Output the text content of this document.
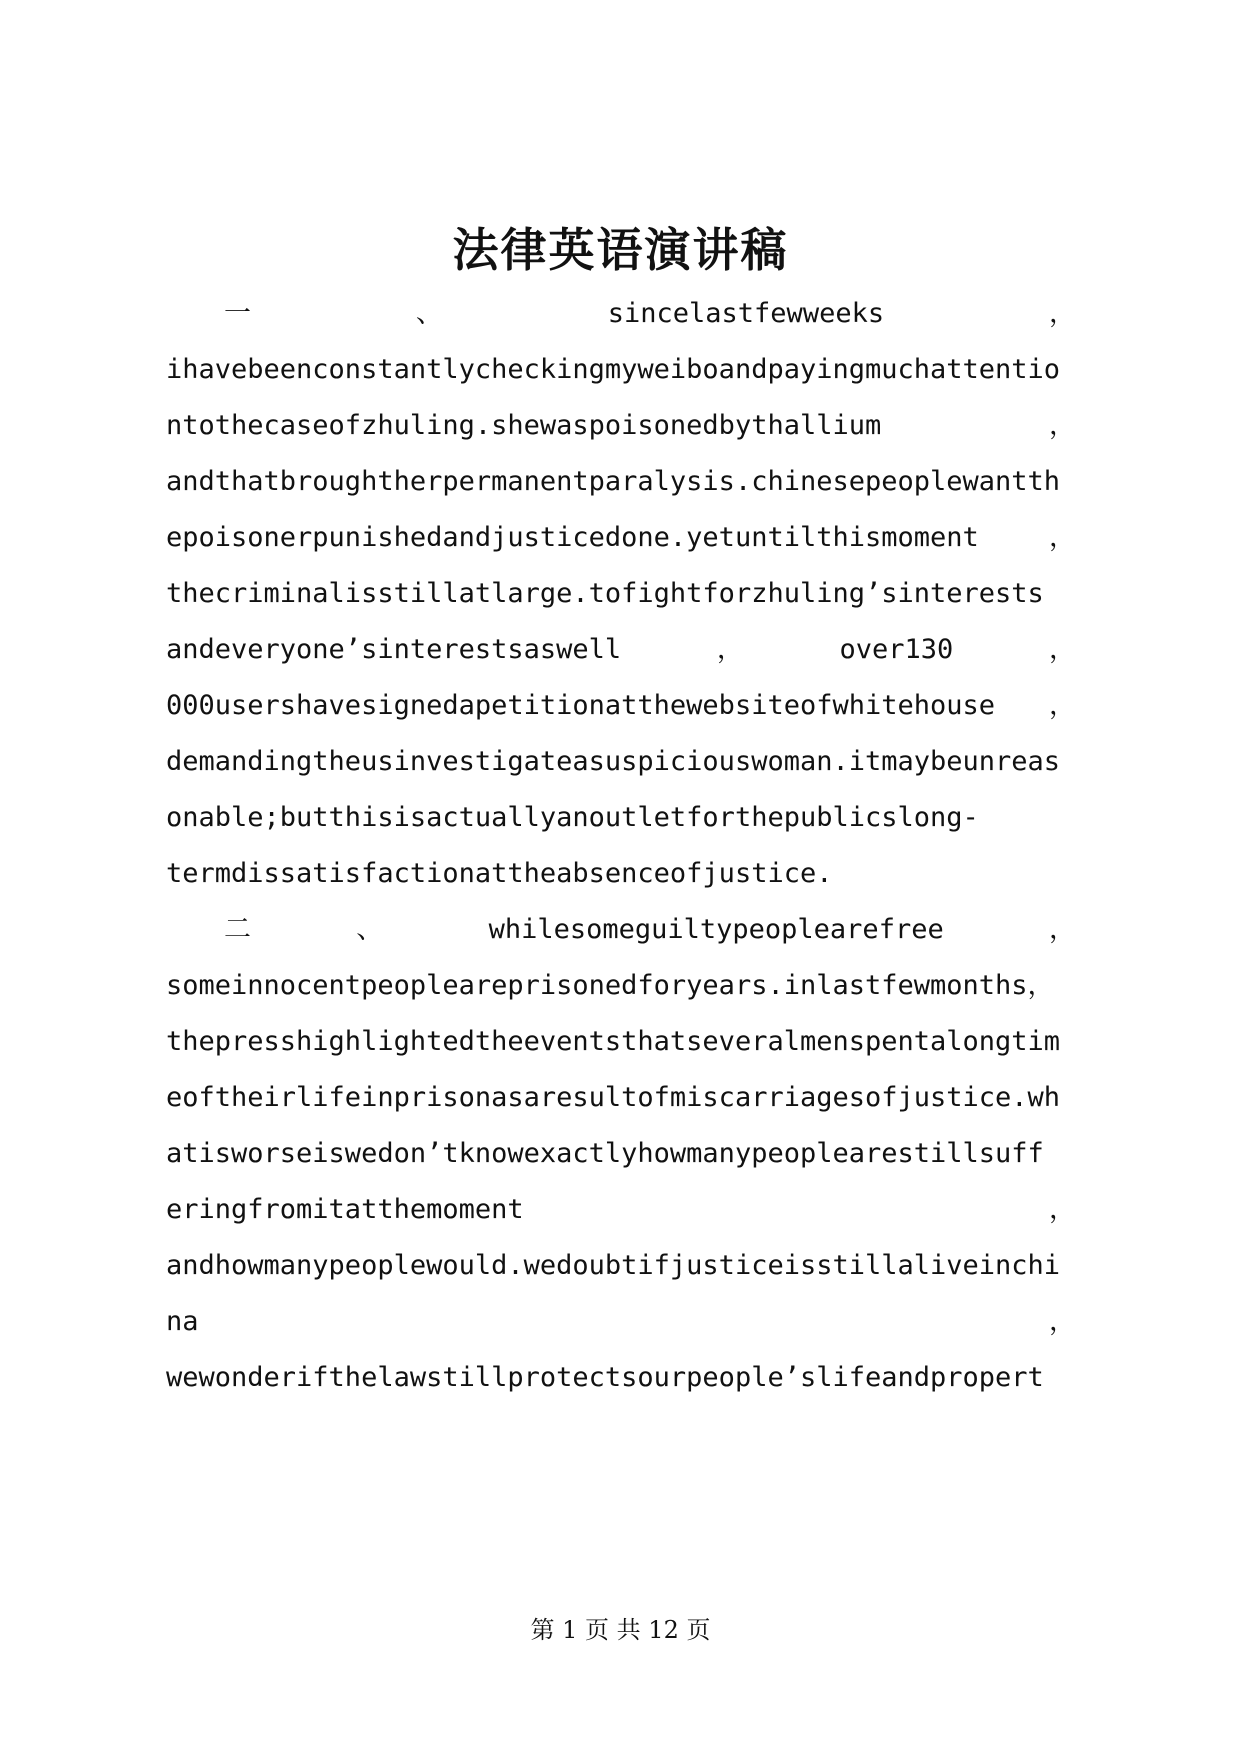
法律英语演讲稿
一	、	sincelastfewweeks	，
ihavebeenconstantlycheckingmyweiboandpayingmuchattentio
ntothecaseofzhuling.shewaspoisonedbythallium	，
andthatbroughtherpermanentparalysis.chinesepeoplewantth
epoisonerpunishedandjusticedone.yetuntilthismoment	，
thecriminalisstillatlarge.tofightforzhuling’sinterests
andeveryone’sinterestsaswell	，	over130	，
000usershavesignedapetitionatthewebsiteofwhitehouse ，
demandingtheusinvestigateasuspiciouswoman.itmaybeunreas
onable;butthisisactuallyanoutletforthepublicslong-
termdissatisfactionattheabsenceofjustice.
二	、	whilesomeguiltypeoplearefree	，
someinnocentpeopleareprisonedforyears.inlastfewmonths，
thepresshighlightedtheeventsthatseveralmenspentalongtim
eoftheirlifeinprisonasaresultofmiscarriagesofjustice.wh
atisworseiswedon’tknowexactlyhowmanypeoplearestillsuff
eringfromitatthemoment	，
andhowmanypeoplewould.wedoubtifjusticeisstillaliveinchi
na	，
wewonderifthelawstillprotectsourpeople’slifeandpropert

第 1 页 共 12 页
